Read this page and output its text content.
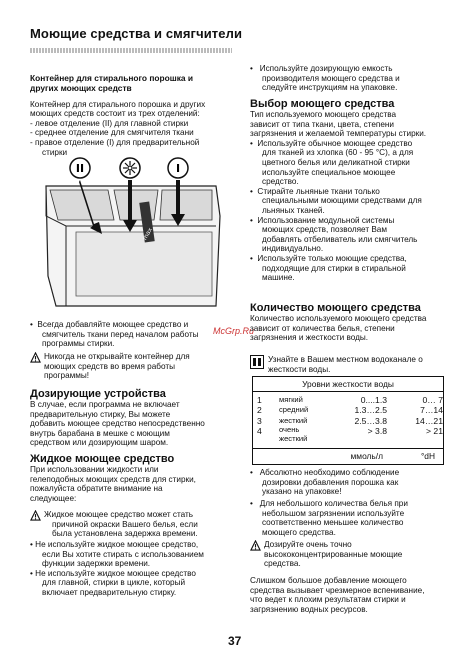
Моющие средства и смягчители

Контейнер для стирального порошка и

других моющих средств

Контейнер для стирального порошка и других

моющих средств состоит из трех отделений:

- левое отделение (II) для главной стирки

- среднее отделение для смягчителя ткани

- правое отделение (I) для предварительной

стирки

max
II	I

•  Всегда добавляйте моющее средство и

смягчитель ткани перед началом работы

программы стирки.

Никогда не открывайте контейнер для

моющих средств во время работы

программы!

Дозирующие устройства

В случае, если программа не включает

предварительную стирку, Вы можете

добавить моющее средство непосредственно

внутрь барабана в мешке с моющим

средством или дозирующим шаром.

Жидкое моющее средство

При использовании жидкости или

гелеподобных моющих средств для стирки,

пожалуйста обратите внимание на

следующее:

Жидкое моющее средство может стать

причиной окраски Вашего белья, если

была установлена задержка времени.

• Не используйте жидкое моющее средство,

если Вы хотите стирать с использованием

функции задержки времени.

• Не используйте жидкое моющее средство

для главной, стирки в цикле, который

включает предварительную стирку.

McGrp.Ru

•   Используйте дозирующую емкость

производителя моющего средства и

следуйте инструкциям на упаковке.

Выбор моющего средства

Тип используемого моющего средства

зависит от типа ткани, цвета, степени

загрязнения и желаемой температуры стирки.

•  Используйте обычное моющее средство

для тканей из хлопка (60 - 95 °C), а для

цветного белья или деликатной стирки

используйте специальное моющее

средство.

•  Стирайте льняные ткани только

специальными моющими средствами для

льняных тканей.

•  Использование модульной системы

моющих средств, позволяет Вам

добавлять отбеливатель или смягчитель

индивидуально.

•  Используйте только моющие средства,

подходящие для стирки в стиральной

машине.

Количество моющего средства

Количество используемого моющего средства

зависит от количества белья, степени

загрязнения и жесткости воды.

Узнайте в Вашем местном водоканале о

жесткости воды.

Уровни жесткости воды
1
2
3
4
мягкий
средний
жесткий
очень жесткий
0....1.3
1.3…2.5
2.5…3.8
> 3.8
0… 7
7…14
14…21
> 21
ммоль/л	°dH

•   Абсолютно необходимо соблюдение

дозировки добавления порошка как

указано на упаковке!

•   Для небольшого количества белья при

небольшом загрязнении используйте

соответственно меньшее количество

моющего средства.

Дозируйте очень точно

высококонцентрированные моющие

средства.

Слишком большое добавление моющего

средства вызывает чрезмерное вспенивание,

что ведет к плохим результатам стирки и

загрязнению водных ресурсов.

37
